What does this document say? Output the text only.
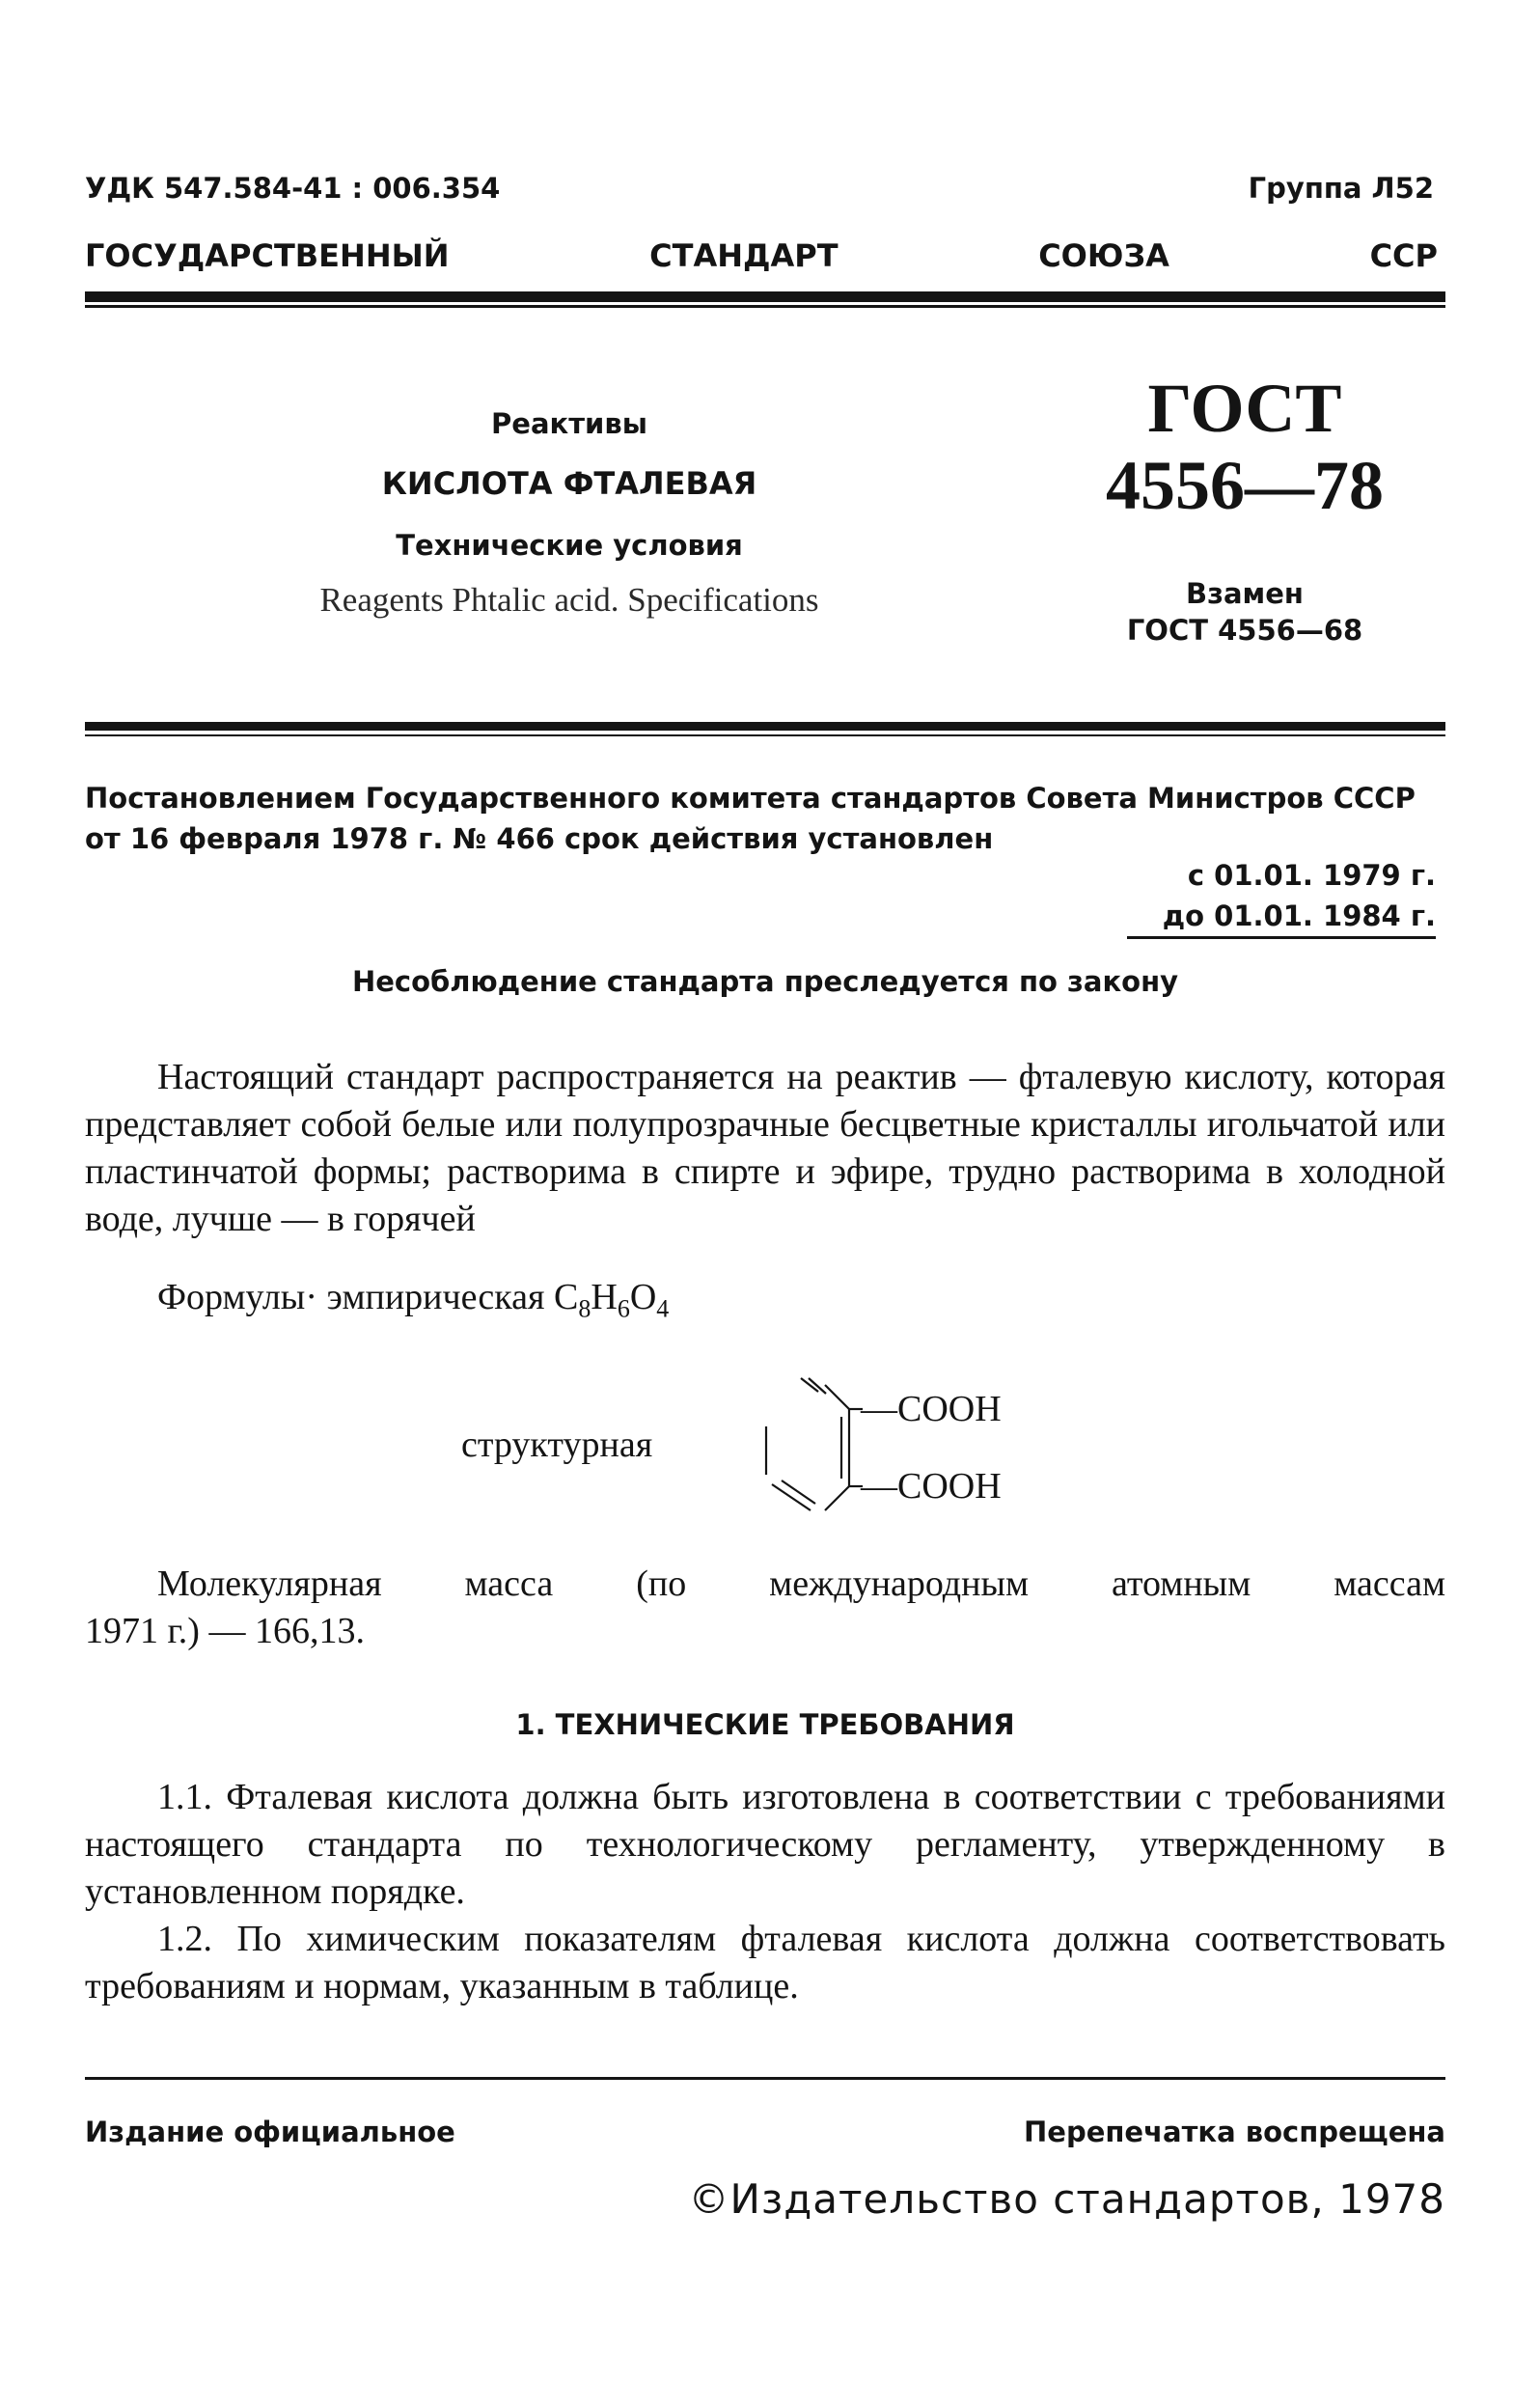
УДК 547.584-41 : 006.354	Группа Л52
ГОСУДАРСТВЕННЫЙ	СТАНДАРТ	СОЮЗА	ССР
Реактивы
КИСЛОТА ФТАЛЕВАЯ
Технические условия
Reagents Phtalic acid. Specifications
ГОСТ
4556—78
Взамен
ГОСТ 4556—68
Постановлением Государственного комитета стандартов Совета Министров СССР от 16 февраля 1978 г. № 466 срок действия установлен
с 01.01. 1979 г.
до 01.01. 1984 г.
Несоблюдение стандарта преследуется по закону

Настоящий стандарт распространяется на реактив — фталевую кислоту, которая представляет собой белые или полупрозрачные бесцветные кристаллы игольчатой или пластинчатой формы; растворима в спирте и эфире, трудно растворима в холодной воде, лучше — в горячей

Формулы· эмпирическая $C_8H_6O_4$
структурная
—COOH
—COOH

Молекулярная масса (по международным атомным массам

1971 г.) — 166,13.

1. ТЕХНИЧЕСКИЕ ТРЕБОВАНИЯ

1.1. Фталевая кислота должна быть изготовлена в соответствии с требованиями настоящего стандарта по технологическому регламенту, утвержденному в установленном порядке.

1.2. По химическим показателям фталевая кислота должна соответствовать требованиям и нормам, указанным в таблице.

Издание официальное	Перепечатка воспрещена
©Издательство стандартов, 1978
